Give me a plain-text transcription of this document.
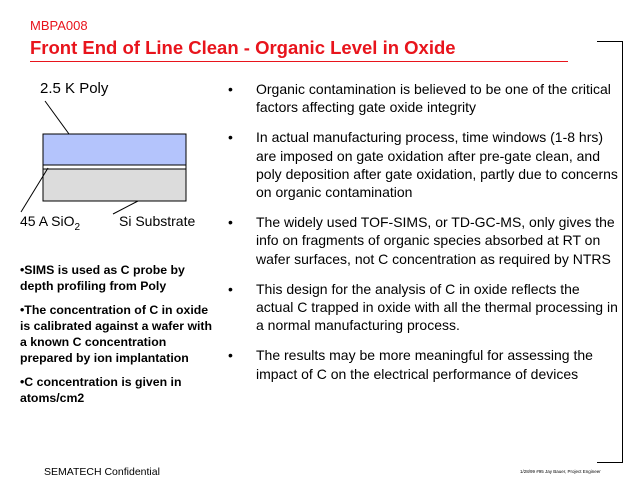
MBPA008
Front End of Line Clean - Organic Level in Oxide
2.5 K Poly
45 A SiO$_2$	Si Substrate
•SIMS is used as C probe by depth profiling from Poly
•The concentration of C in oxide is calibrated against a wafer with a known C concentration prepared by ion implantation
•C concentration is given in atoms/cm2
•	Organic contamination is believed to be one of the critical factors affecting gate oxide integrity
•	In actual manufacturing process, time windows (1-8 hrs) are imposed on gate oxidation after pre-gate clean, and poly deposition after gate oxidation, partly due to concerns on organic contamination
•	The widely used TOF-SIMS, or TD-GC-MS, only gives the info on fragments of organic species absorbed at RT on wafer surfaces, not C concentration as required by NTRS
•	This design for the analysis of C in oxide reflects the actual C trapped in oxide with all the thermal processing in a normal manufacturing process.
•	The results may be more meaningful for assessing the impact of C on the electrical performance of devices
SEMATECH Confidential	1/28/99 #95 Jay Bauer, Project Engineer
